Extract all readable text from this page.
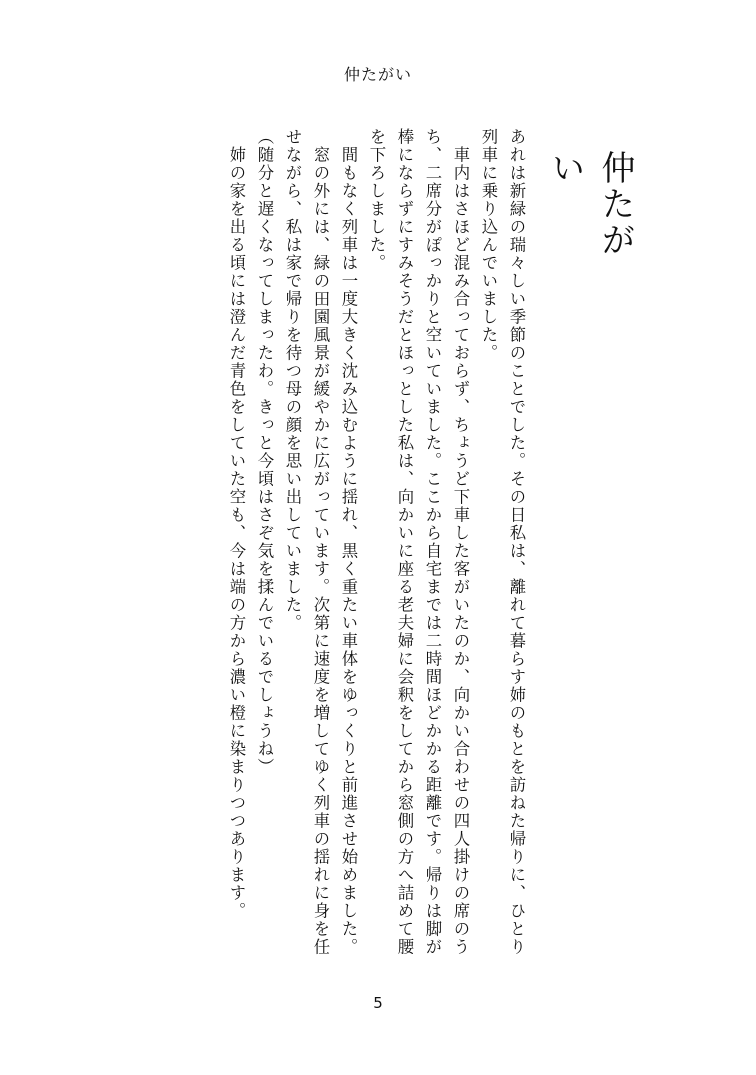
仲たがい
仲たがい

あれは新緑の瑞々しい季節のことでした。その日私は、離れて暮らす姉のもとを訪ねた帰りに、ひとり列車に乗り込んでいました。

　車内はさほど混み合っておらず、ちょうど下車した客がいたのか、向かい合わせの四人掛けの席のうち、二席分がぽっかりと空いていました。ここから自宅までは二時間ほどかかる距離です。帰りは脚が棒にならずにすみそうだとほっとした私は、向かいに座る老夫婦に会釈をしてから窓側の方へ詰めて腰を下ろしました。

　間もなく列車は一度大きく沈み込むように揺れ、黒く重たい車体をゆっくりと前進させ始めました。

　窓の外には、緑の田園風景が緩やかに広がっています。次第に速度を増してゆく列車の揺れに身を任せながら、私は家で帰りを待つ母の顔を思い出していました。

（随分と遅くなってしまったわ。きっと今頃はさぞ気を揉んでいるでしょうね）

　姉の家を出る頃には澄んだ青色をしていた空も、今は端の方から濃い橙に染まりつつあります。

5
